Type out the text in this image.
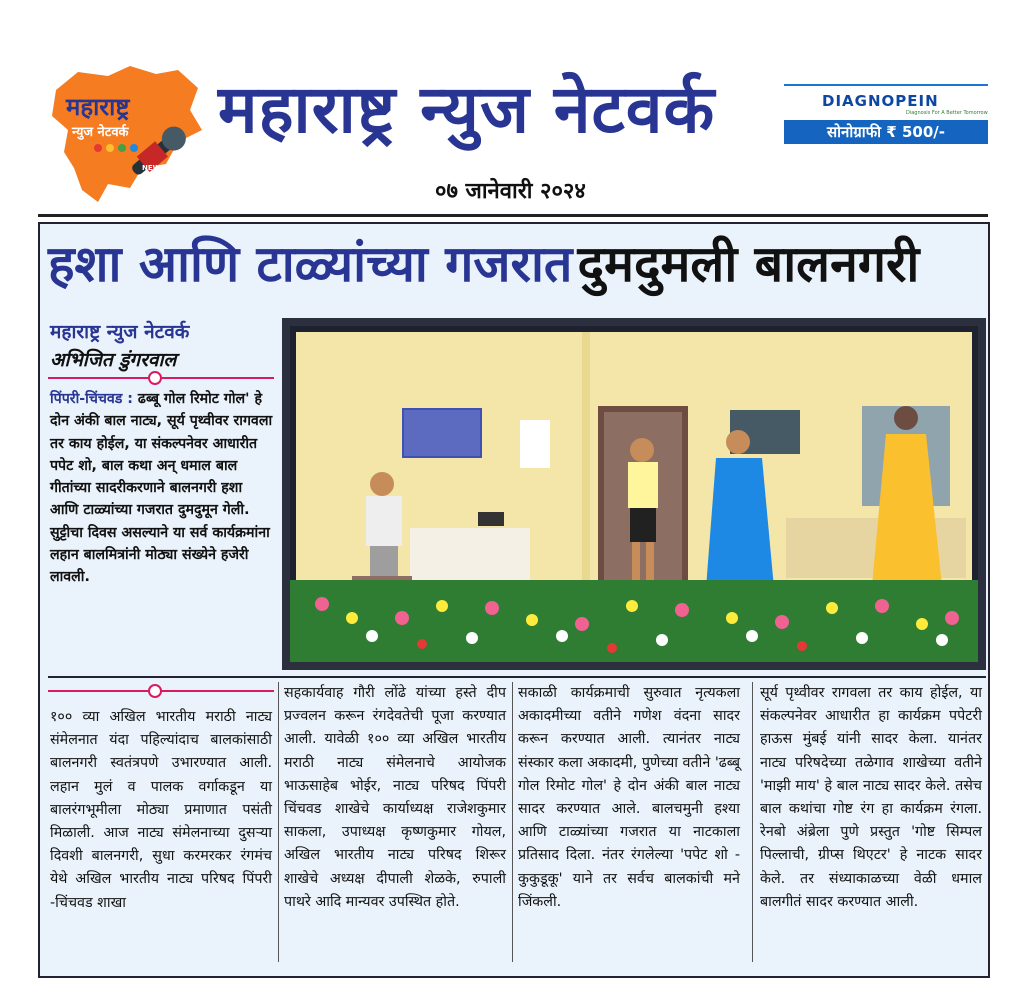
महाराष्ट्र
न्युज नेटवर्क
NEWS
महाराष्ट्र न्युज नेटवर्क
०७ जानेवारी २०२४
DIAGNOPEIN
Diagnosis For A Better Tomorrow
सोनोग्राफी ₹ 500/-
हशा आणि टाळ्यांच्या गजरात दुमदुमली बालनगरी
महाराष्ट्र न्युज नेटवर्क
अभिजित डुंगरवाल
पिंपरी-चिंचवड : ढब्बू गोल रिमोट गोल' हे दोन अंकी बाल नाट्य, सूर्य पृथ्वीवर रागवला तर काय होईल, या संकल्पनेवर आधारीत पपेट शो, बाल कथा अन् धमाल बाल गीतांच्या सादरीकरणाने बालनगरी हशा आणि टाळ्यांच्या गजरात दुमदुमून गेली. सुट्टीचा दिवस असल्याने या सर्व कार्यक्रमांना लहान बालमित्रांनी मोठ्या संख्येने हजेरी लावली.
१०० व्या अखिल भारतीय मराठी नाट्य संमेलनात यंदा पहिल्यांदाच बालकांसाठी बालनगरी स्वतंत्रपणे उभारण्यात आली. लहान मुलं व पालक वर्गाकडून या बालरंगभूमीला मोठ्या प्रमाणात पसंती मिळाली. आज नाट्य संमेलनाच्या दुसऱ्या दिवशी बालनगरी, सुधा करमरकर रंगमंच येथे अखिल भारतीय नाट्य परिषद पिंपरी -चिंचवड शाखा
सहकार्यवाह गौरी लोंढे यांच्या हस्ते दीप प्रज्वलन करून रंगदेवतेची पूजा करण्यात आली. यावेळी १०० व्या अखिल भारतीय मराठी नाट्य संमेलनाचे आयोजक भाऊसाहेब भोईर, नाट्य परिषद पिंपरी चिंचवड शाखेचे कार्याध्यक्ष राजेशकुमार साकला, उपाध्यक्ष कृष्णकुमार गोयल, अखिल भारतीय नाट्य परिषद शिरूर शाखेचे अध्यक्ष दीपाली शेळके, रुपाली पाथरे आदि मान्यवर उपस्थित होते.
सकाळी कार्यक्रमाची सुरुवात नृत्यकला अकादमीच्या वतीने गणेश वंदना सादर करून करण्यात आली. त्यानंतर नाट्य संस्कार कला अकादमी, पुणेच्या वतीने 'ढब्बू गोल रिमोट गोल' हे दोन अंकी बाल नाट्य सादर करण्यात आले. बालचमुनी हश्या आणि टाळ्यांच्या गजरात या नाटकाला प्रतिसाद दिला. नंतर रंगलेल्या 'पपेट शो - कुकुडूकू' याने तर सर्वच बालकांची मने जिंकली.
सूर्य पृथ्वीवर रागवला तर काय होईल, या संकल्पनेवर आधारीत हा कार्यक्रम पपेटरी हाऊस मुंबई यांनी सादर केला. यानंतर नाट्य परिषदेच्या तळेगाव शाखेच्या वतीने 'माझी माय' हे बाल नाट्य सादर केले. तसेच बाल कथांचा गोष्ट रंग हा कार्यक्रम रंगला. रेनबो अंब्रेला पुणे प्रस्तुत 'गोष्ट सिम्पल पिल्लाची, ग्रीप्स थिएटर' हे नाटक सादर केले. तर संध्याकाळच्या वेळी धमाल बालगीतं सादर करण्यात आली.
